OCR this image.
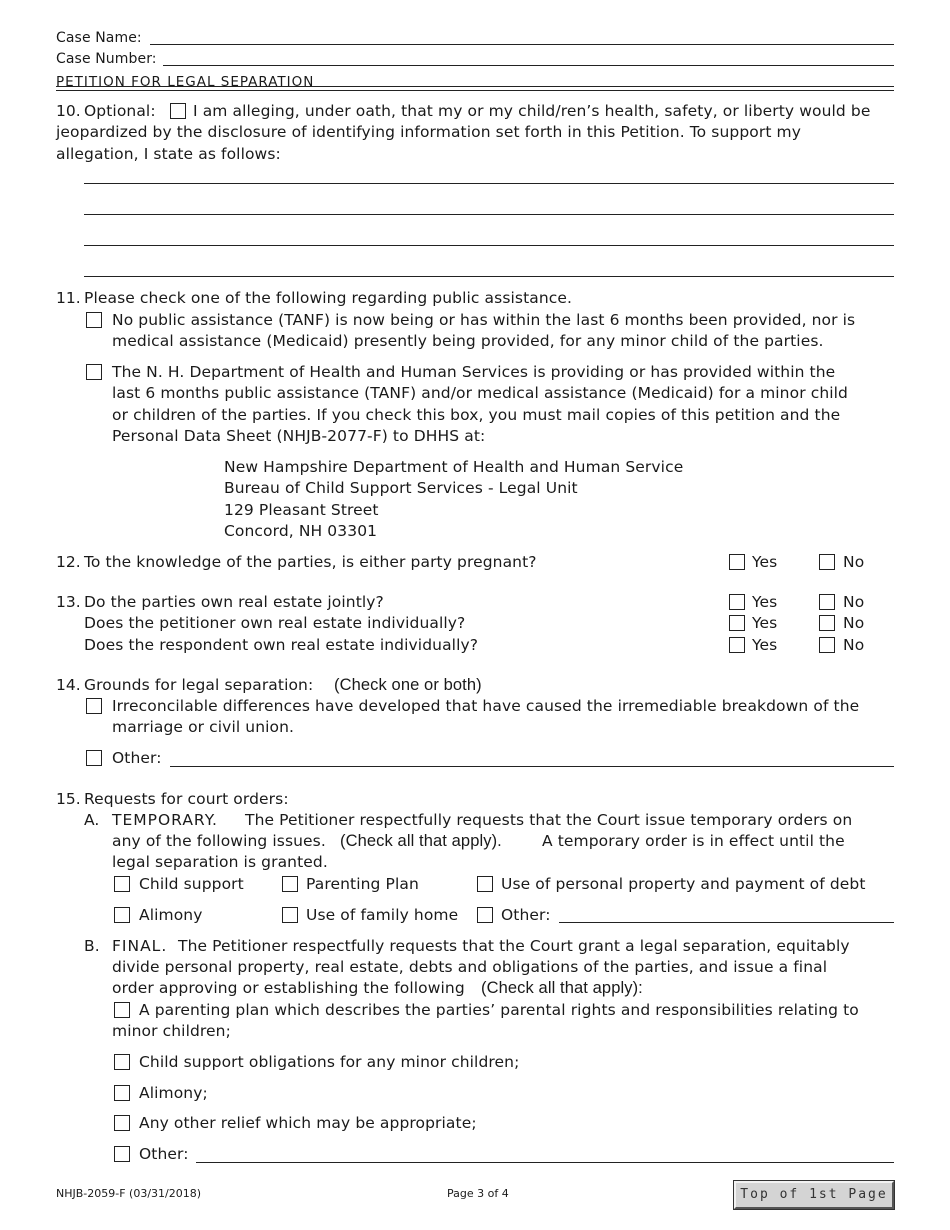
Case Name:
Case Number:
PETITION FOR LEGAL SEPARATION
10. Optional: I am alleging, under oath, that my or my child/ren’s health, safety, or liberty would be
jeopardized by the disclosure of identifying information set forth in this Petition. To support my
allegation, I state as follows:
11. Please check one of the following regarding public assistance.
No public assistance (TANF) is now being or has within the last 6 months been provided, nor is
medical assistance (Medicaid) presently being provided, for any minor child of the parties.
The N. H. Department of Health and Human Services is providing or has provided within the
last 6 months public assistance (TANF) and/or medical assistance (Medicaid) for a minor child
or children of the parties. If you check this box, you must mail copies of this petition and the
Personal Data Sheet (NHJB-2077-F) to DHHS at:
New Hampshire Department of Health and Human Service
Bureau of Child Support Services - Legal Unit
129 Pleasant Street
Concord, NH 03301
12. To the knowledge of the parties, is either party pregnant?	Yes	No
13. Do the parties own real estate jointly?	Yes	No
Does the petitioner own real estate individually?	Yes	No
Does the respondent own real estate individually?	Yes	No
14. Grounds for legal separation: (Check one or both)
Irreconcilable differences have developed that have caused the irremediable breakdown of the
marriage or civil union.
Other:
15. Requests for court orders:
A. TEMPORARY. The Petitioner respectfully requests that the Court issue temporary orders on
any of the following issues. (Check all that apply).	A temporary order is in effect until the
legal separation is granted.
Child support	Parenting Plan	Use of personal property and payment of debt
Alimony	Use of family home	Other:
B. FINAL. The Petitioner respectfully requests that the Court grant a legal separation, equitably
divide personal property, real estate, debts and obligations of the parties, and issue a final
order approving or establishing the following (Check all that apply):
A parenting plan which describes the parties’ parental rights and responsibilities relating to
minor children;
Child support obligations for any minor children;
Alimony;
Any other relief which may be appropriate;
Other:
NHJB-2059-F (03/31/2018)	Page 3 of 4	Top of 1st Page
